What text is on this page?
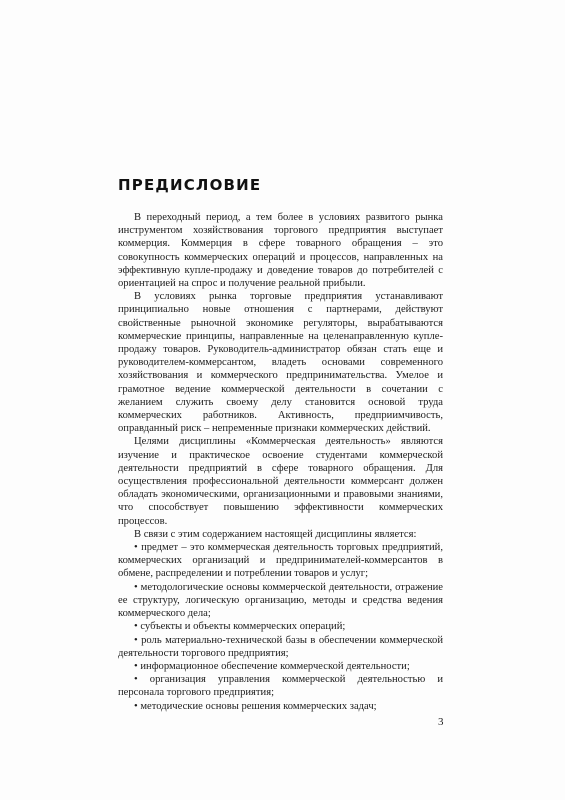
ПРЕДИСЛОВИЕ

В переходный период, а тем более в условиях развитого рынка инструментом хозяйствования торгового предприятия выступает коммерция. Коммерция в сфере товарного обращения – это совокупность коммерческих операций и процессов, направленных на эффективную купле-продажу и доведение товаров до потребителей с ориентацией на спрос и получение реальной прибыли.

В условиях рынка торговые предприятия устанавливают принципиально новые отношения с партнерами, действуют свойственные рыночной экономике регуляторы, вырабатываются коммерческие принципы, направленные на целенаправленную купле-продажу товаров. Руководитель-администратор обязан стать еще и руководителем-коммерсантом, владеть основами современного хозяйствования и коммерческого предпринимательства. Умелое и грамотное ведение коммерческой деятельности в сочетании с желанием служить своему делу становится основой труда коммерческих работников. Активность, предприимчивость, оправданный риск – непременные признаки коммерческих действий.

Целями дисциплины «Коммерческая деятельность» являются изучение и практическое освоение студентами коммерческой деятельности предприятий в сфере товарного обращения. Для осуществления профессиональной деятельности коммерсант должен обладать экономическими, организационными и правовыми знаниями, что способствует повышению эффективности коммерческих процессов.

В связи с этим содержанием настоящей дисциплины является:

• предмет – это коммерческая деятельность торговых предприятий, коммерческих организаций и предпринимателей-коммерсантов в обмене, распределении и потреблении товаров и услуг;

• методологические основы коммерческой деятельности, отражение ее структуру, логическую организацию, методы и средства ведения коммерческого дела;

• субъекты и объекты коммерческих операций;

• роль материально-технической базы в обеспечении коммерческой деятельности торгового предприятия;

• информационное обеспечение коммерческой деятельности;

• организация управления коммерческой деятельностью и персонала торгового предприятия;

• методические основы решения коммерческих задач;

3
